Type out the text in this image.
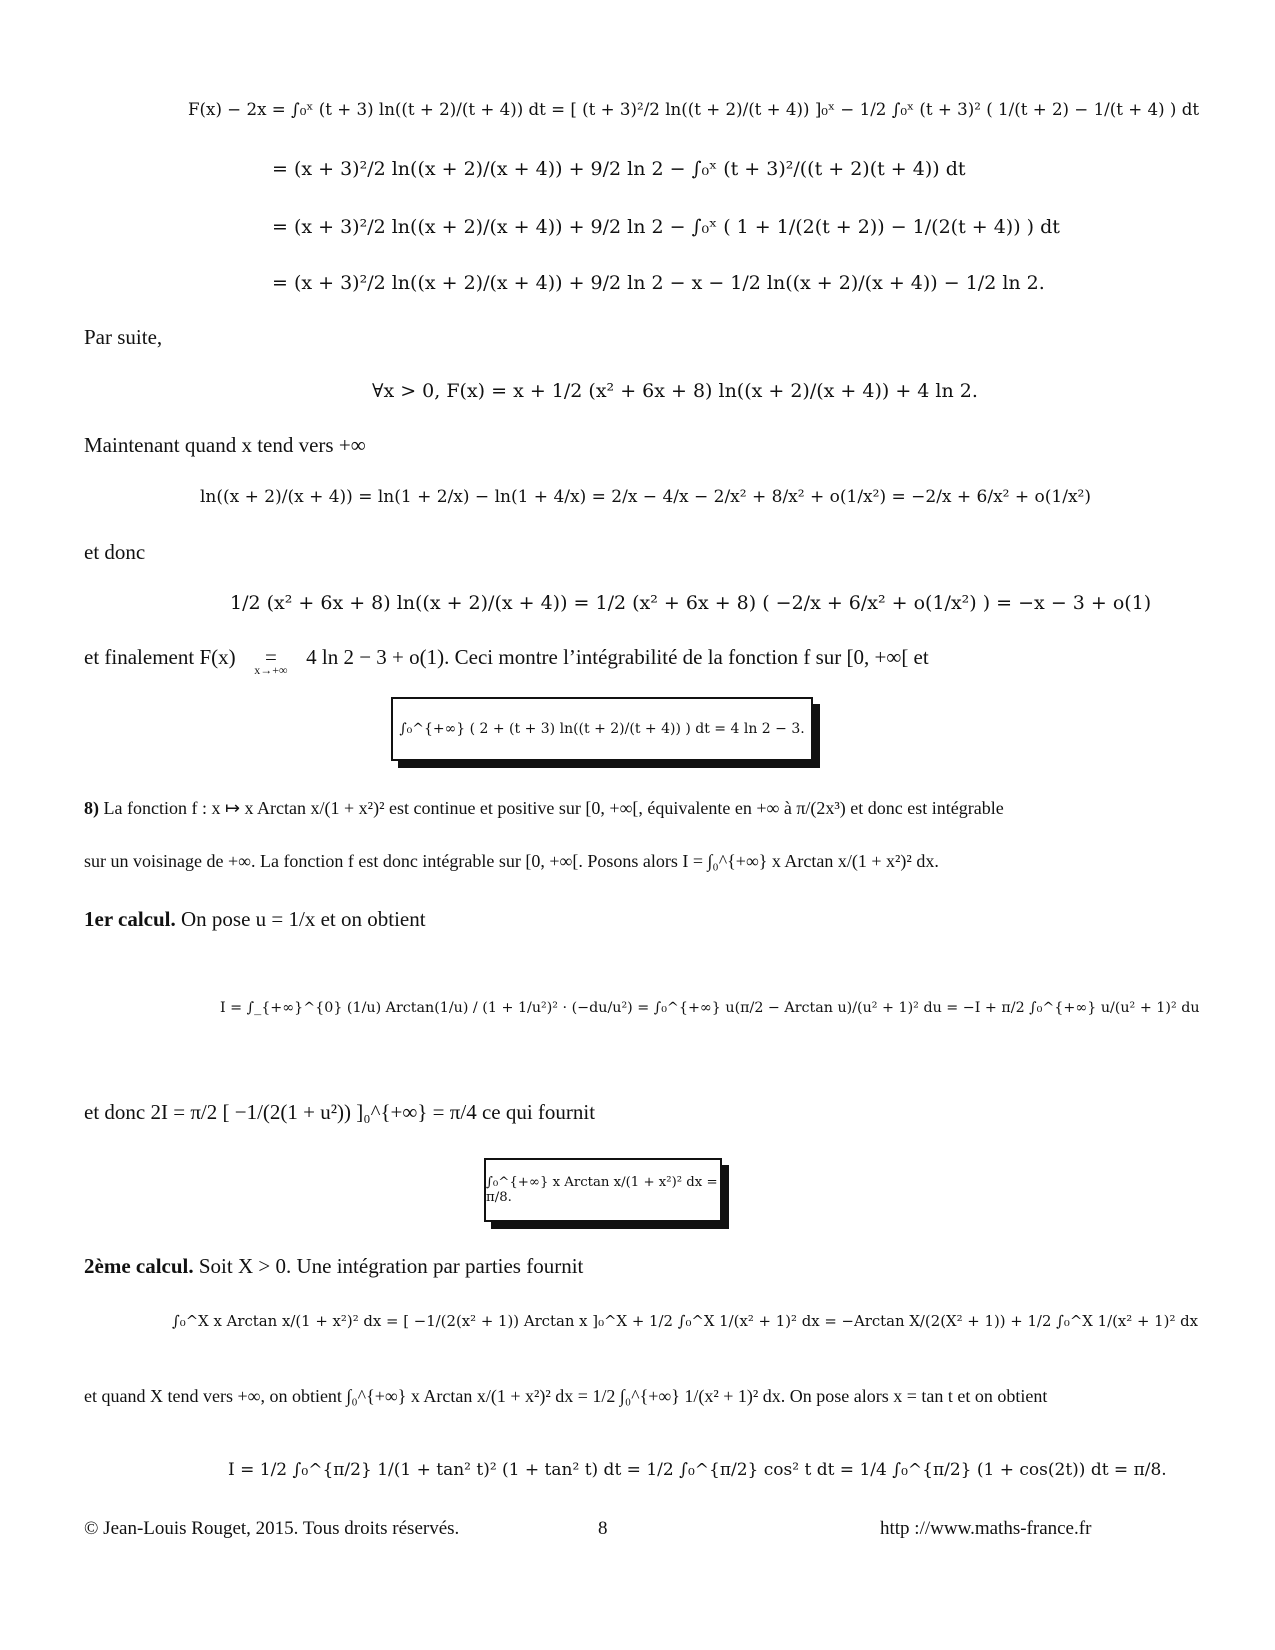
F(x) − 2x = ∫₀ˣ (t + 3) ln((t + 2)/(t + 4)) dt = [ (t + 3)²/2 ln((t + 2)/(t + 4)) ]₀ˣ − 1/2 ∫₀ˣ (t + 3)² ( 1/(t + 2) − 1/(t + 4) ) dt
= (x + 3)²/2 ln((x + 2)/(x + 4)) + 9/2 ln 2 − ∫₀ˣ (t + 3)²/((t + 2)(t + 4)) dt
= (x + 3)²/2 ln((x + 2)/(x + 4)) + 9/2 ln 2 − ∫₀ˣ ( 1 + 1/(2(t + 2)) − 1/(2(t + 4)) ) dt
= (x + 3)²/2 ln((x + 2)/(x + 4)) + 9/2 ln 2 − x − 1/2 ln((x + 2)/(x + 4)) − 1/2 ln 2.
Par suite,
∀x > 0, F(x) = x + 1/2 (x² + 6x + 8) ln((x + 2)/(x + 4)) + 4 ln 2.
Maintenant quand x tend vers +∞
ln((x + 2)/(x + 4)) = ln(1 + 2/x) − ln(1 + 4/x) = 2/x − 4/x − 2/x² + 8/x² + o(1/x²) = −2/x + 6/x² + o(1/x²)
et donc
1/2 (x² + 6x + 8) ln((x + 2)/(x + 4)) = 1/2 (x² + 6x + 8) ( −2/x + 6/x² + o(1/x²) ) = −x − 3 + o(1)
et finalement F(x) =
x→+∞
4 ln 2 − 3 + o(1). Ceci montre l’intégrabilité de la fonction f sur [0, +∞[ et
∫₀^{+∞} ( 2 + (t + 3) ln((t + 2)/(t + 4)) ) dt = 4 ln 2 − 3.
8) La fonction f : x ↦ x Arctan x/(1 + x²)² est continue et positive sur [0, +∞[, équivalente en +∞ à π/(2x³) et donc est intégrable
sur un voisinage de +∞. La fonction f est donc intégrable sur [0, +∞[. Posons alors I = ∫₀^{+∞} x Arctan x/(1 + x²)² dx.
1er calcul. On pose u = 1/x et on obtient
I = ∫_{+∞}^{0} (1/u) Arctan(1/u) / (1 + 1/u²)² · (−du/u²) = ∫₀^{+∞} u(π/2 − Arctan u)/(u² + 1)² du = −I + π/2 ∫₀^{+∞} u/(u² + 1)² du
et donc 2I = π/2 [ −1/(2(1 + u²)) ]₀^{+∞} = π/4 ce qui fournit
∫₀^{+∞} x Arctan x/(1 + x²)² dx = π/8.
2ème calcul. Soit X > 0. Une intégration par parties fournit
∫₀^X x Arctan x/(1 + x²)² dx = [ −1/(2(x² + 1)) Arctan x ]₀^X + 1/2 ∫₀^X 1/(x² + 1)² dx = −Arctan X/(2(X² + 1)) + 1/2 ∫₀^X 1/(x² + 1)² dx
et quand X tend vers +∞, on obtient ∫₀^{+∞} x Arctan x/(1 + x²)² dx = 1/2 ∫₀^{+∞} 1/(x² + 1)² dx. On pose alors x = tan t et on obtient
I = 1/2 ∫₀^{π/2} 1/(1 + tan² t)² (1 + tan² t) dt = 1/2 ∫₀^{π/2} cos² t dt = 1/4 ∫₀^{π/2} (1 + cos(2t)) dt = π/8.
© Jean-Louis Rouget, 2015. Tous droits réservés.	8	http ://www.maths-france.fr
